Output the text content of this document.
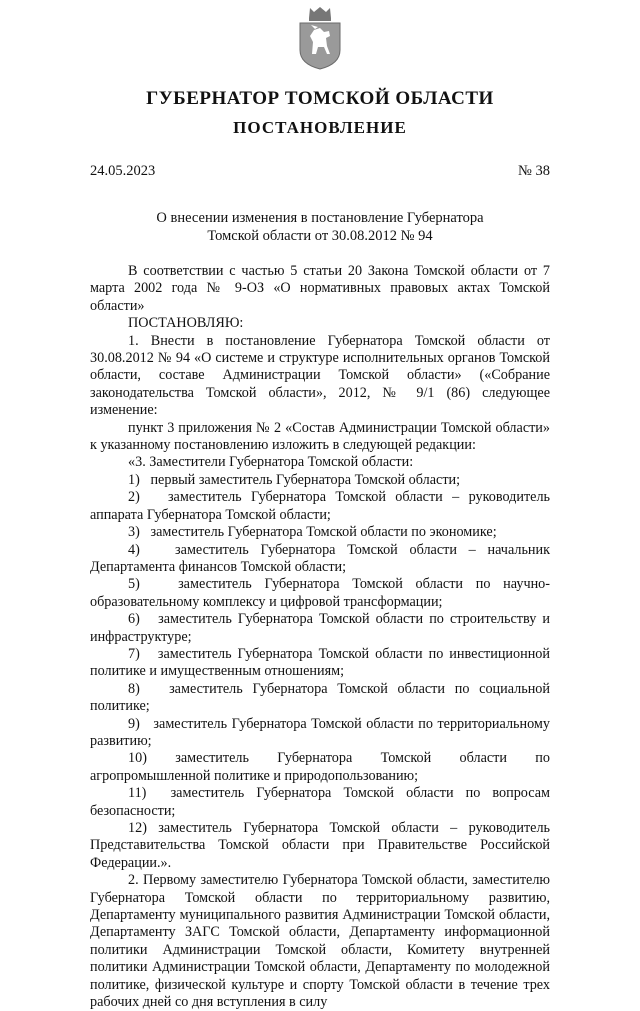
ГУБЕРНАТОР ТОМСКОЙ ОБЛАСТИ
ПОСТАНОВЛЕНИЕ
24.05.2023	№ 38
О внесении изменения в постановление Губернатора
Томской области от 30.08.2012 № 94

В соответствии с частью 5 статьи 20 Закона Томской области от 7 марта 2002 года № 9-ОЗ «О нормативных правовых актах Томской области»

ПОСТАНОВЛЯЮ:

1. Внести в постановление Губернатора Томской области от 30.08.2012 № 94 «О системе и структуре исполнительных органов Томской области, составе Администрации Томской области» («Собрание законодательства Томской области», 2012, № 9/1 (86) следующее изменение:

пункт 3 приложения № 2 «Состав Администрации Томской области» к указанному постановлению изложить в следующей редакции:

«3. Заместители Губернатора Томской области:

1)   первый заместитель Губернатора Томской области;

2)   заместитель Губернатора Томской области – руководитель аппарата Губернатора Томской области;

3)   заместитель Губернатора Томской области по экономике;

4)   заместитель Губернатора Томской области – начальник Департамента финансов Томской области;

5)   заместитель Губернатора Томской области по научно-образовательному комплексу и цифровой трансформации;

6)   заместитель Губернатора Томской области по строительству и инфраструктуре;

7)   заместитель Губернатора Томской области по инвестиционной политике и имущественным отношениям;

8)   заместитель Губернатора Томской области по социальной политике;

9)   заместитель Губернатора Томской области по территориальному развитию;

10) заместитель Губернатора Томской области по агропромышленной политике и природопользованию;

11)  заместитель Губернатора Томской области по вопросам безопасности;

12) заместитель Губернатора Томской области – руководитель Представительства Томской области при Правительстве Российской Федерации.».

2. Первому заместителю Губернатора Томской области, заместителю Губернатора Томской области по территориальному развитию, Департаменту муниципального развития Администрации Томской области, Департаменту ЗАГС Томской области, Департаменту информационной политики Администрации Томской области, Комитету внутренней политики Администрации Томской области, Департаменту по молодежной политике, физической культуре и спорту Томской области в течение трех рабочих дней со дня вступления в силу
